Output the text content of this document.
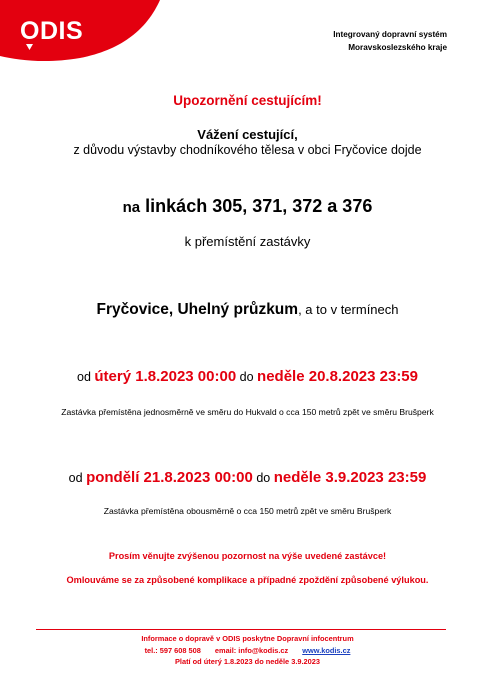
ODIS	Integrovaný dopravní systém
Moravskoslezského kraje
Upozornění cestujícím!
Vážení cestující,
z důvodu výstavby chodníkového tělesa v obci Fryčovice dojde
na linkách 305, 371, 372 a 376
k přemístění zastávky
Fryčovice, Uhelný průzkum, a to v termínech
od úterý 1.8.2023 00:00 do neděle 20.8.2023 23:59
Zastávka přemístěna jednosměrně ve směru do Hukvald o cca 150 metrů zpět ve směru Brušperk
od pondělí 21.8.2023 00:00 do neděle 3.9.2023 23:59
Zastávka přemístěna obousměrně o cca 150 metrů zpět ve směru Brušperk
Prosím věnujte zvýšenou pozornost na výše uvedené zastávce!
Omlouváme se za způsobené komplikace a případné zpoždění způsobené výlukou.
Informace o dopravě v ODIS poskytne Dopravní infocentrum
tel.: 597 608 508 email: info@kodis.cz www.kodis.cz
Platí od úterý 1.8.2023 do neděle 3.9.2023
